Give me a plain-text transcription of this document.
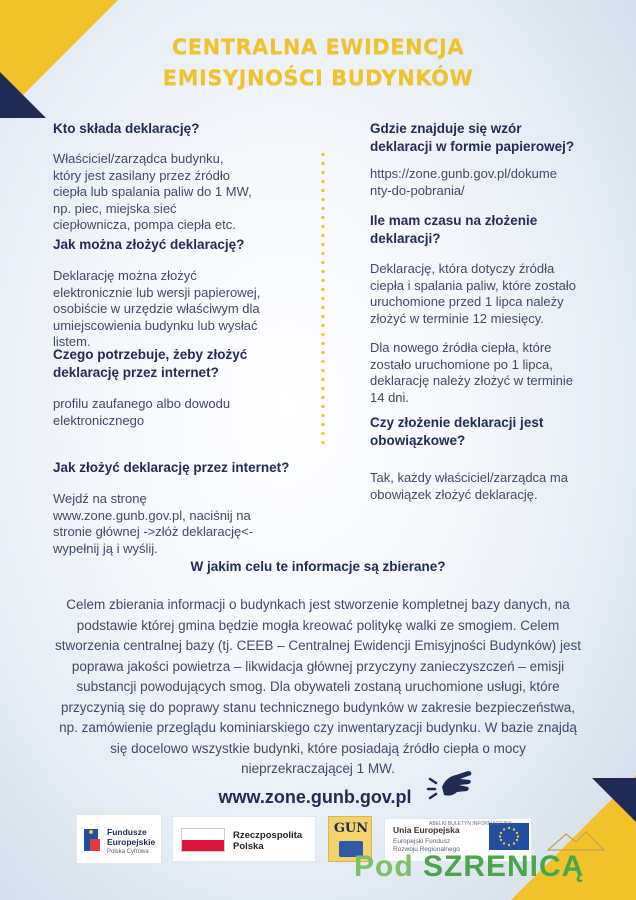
CENTRALNA EWIDENCJA
EMISYJNOŚCI BUDYNKÓW
Kto składa deklarację?
Właściciel/zarządca budynku,
który jest zasilany przez źródło
ciepła lub spalania paliw do 1 MW,
np. piec, miejska sieć
ciepłownicza, pompa ciepła etc.
Jak można złożyć deklarację?
Deklarację można złożyć
elektronicznie lub wersji papierowej,
osobiście w urzędzie właściwym dla
umiejscowienia budynku lub wysłać
listem.
Czego potrzebuje, żeby złożyć
deklarację przez internet?
profilu zaufanego albo dowodu
elektronicznego
Jak złożyć deklarację przez internet?
Wejdź na stronę
www.zone.gunb.gov.pl, naciśnij na
stronie głównej ->złóż deklarację<-
wypełnij ją i wyślij.
Gdzie znajduje się wzór
deklaracji w formie papierowej?
https://zone.gunb.gov.pl/dokume
nty-do-pobrania/
Ile mam czasu na złożenie
deklaracji?
Deklarację, która dotyczy źródła
ciepła i spalania paliw, które zostało
uruchomione przed 1 lipca należy
złożyć w terminie 12 miesięcy.
Dla nowego źródła ciepła, które
zostało uruchomione po 1 lipca,
deklarację należy złożyć w terminie
14 dni.
Czy złożenie deklaracji jest
obowiązkowe?
Tak, każdy właściciel/zarządca ma
obowiązek złożyć deklarację.
W jakim celu te informacje są zbierane?
Celem zbierania informacji o budynkach jest stworzenie kompletnej bazy danych, na
podstawie której gmina będzie mogła kreować politykę walki ze smogiem. Celem
stworzenia centralnej bazy (tj. CEEB – Centralnej Ewidencji Emisyjności Budynków) jest
poprawa jakości powietrza – likwidacja głównej przyczyny zanieczyszczeń – emisji
substancji powodujących smog. Dla obywateli zostaną uruchomione usługi, które
przyczynią się do poprawy stanu technicznego budynków w zakresie bezpieczeństwa,
np. zamówienie przeglądu kominiarskiego czy inwentaryzacji budynku. W bazie znajdą
się docelowo wszystkie budynki, które posiadają źródło ciepła o mocy
nieprzekraczającej 1 MW.
www.zone.gunb.gov.pl
Fundusze
Europejskie
Polska Cyfrowa
Rzeczpospolita
Polska
GUN	Unia Europejska
Europejski Fundusz
Rozwoju Regionalnego
ABELKI BULETYN INFORMACYJNY
Pod SZRENICĄ
